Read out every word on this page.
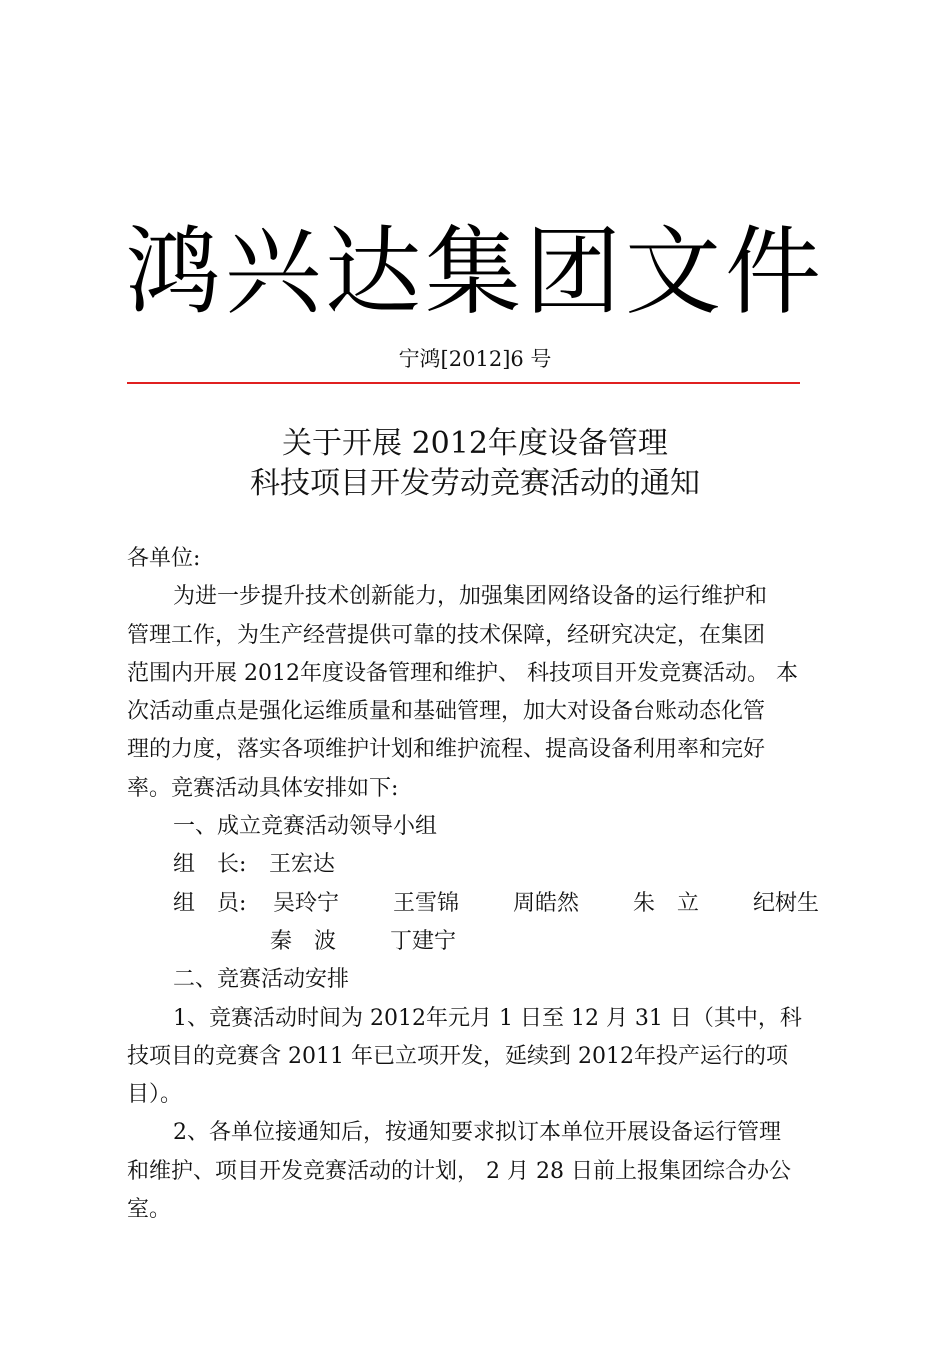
鸿兴达集团文件
宁鸿[2012]6 号
关于开展 2012年度设备管理
科技项目开发劳动竞赛活动的通知
各单位:
为进一步提升技术创新能力，加强集团网络设备的运行维护和
管理工作，为生产经营提供可靠的技术保障，经研究决定，在集团
范围内开展 2012年度设备管理和维护、 科技项目开发竞赛活动。 本
次活动重点是强化运维质量和基础管理，加大对设备台账动态化管
理的力度，落实各项维护计划和维护流程、提高设备利用率和完好
率。竞赛活动具体安排如下:
一、成立竞赛活动领导小组
组　长: 王宏达
组　员: 吴玲宁 王雪锦 周皓然 朱　立 纪树生
秦　波 丁建宁
二、竞赛活动安排
1、竞赛活动时间为 2012年元月 1 日至 12 月 31 日（其中，科
技项目的竞赛含 2011 年已立项开发，延续到 2012年投产运行的项
目）。
2、各单位接通知后，按通知要求拟订本单位开展设备运行管理
和维护、项目开发竞赛活动的计划， 2 月 28 日前上报集团综合办公
室。
